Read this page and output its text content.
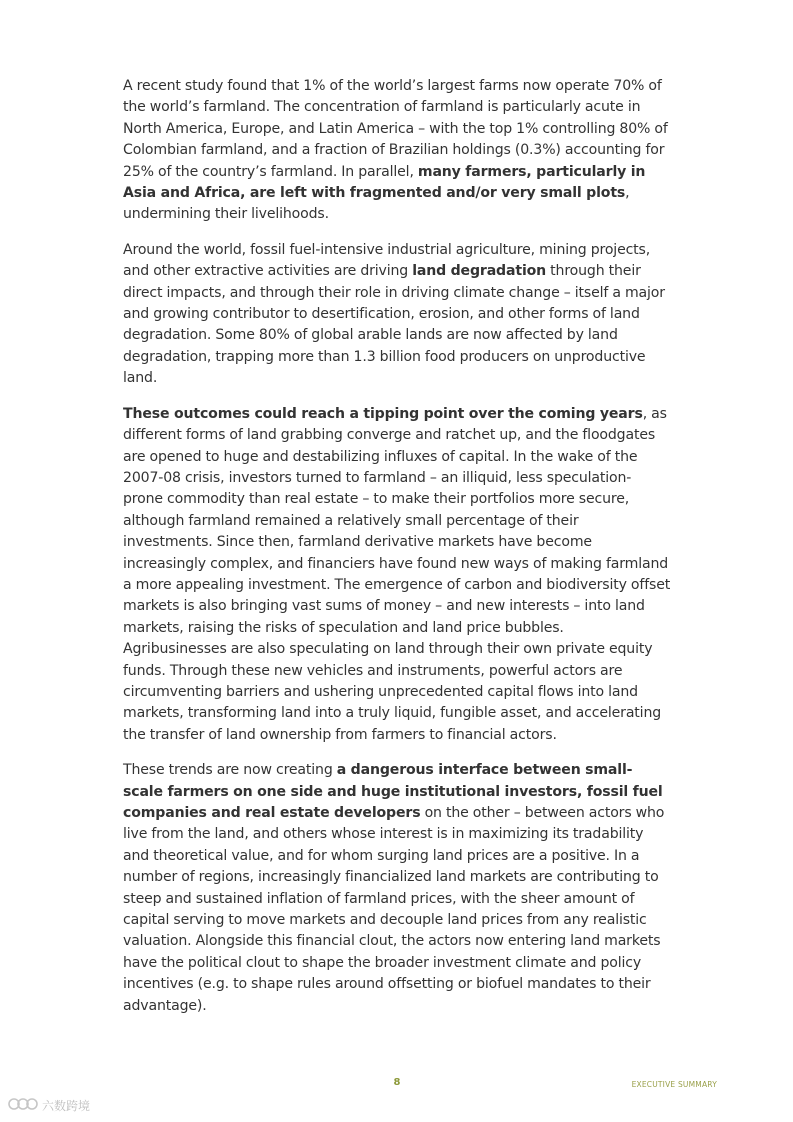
A recent study found that 1% of the world’s largest farms now operate 70% of the world’s farmland. The concentration of farmland is particularly acute in North America, Europe, and Latin America – with the top 1% controlling 80% of Colombian farmland, and a fraction of Brazilian holdings (0.3%) accounting for 25% of the country’s farmland. In parallel, many farmers, particularly in Asia and Africa, are left with fragmented and/or very small plots, undermining their livelihoods.

Around the world, fossil fuel-intensive industrial agriculture, mining projects, and other extractive activities are driving land degradation through their direct impacts, and through their role in driving climate change – itself a major and growing contributor to desertification, erosion, and other forms of land degradation. Some 80% of global arable lands are now affected by land degradation, trapping more than 1.3 billion food producers on unproductive land.

These outcomes could reach a tipping point over the coming years, as different forms of land grabbing converge and ratchet up, and the floodgates are opened to huge and destabilizing influxes of capital. In the wake of the 2007-08 crisis, investors turned to farmland – an illiquid, less speculation-prone commodity than real estate – to make their portfolios more secure, although farmland remained a relatively small percentage of their investments. Since then, farmland derivative markets have become increasingly complex, and financiers have found new ways of making farmland a more appealing investment. The emergence of carbon and biodiversity offset markets is also bringing vast sums of money – and new interests – into land markets, raising the risks of speculation and land price bubbles. Agribusinesses are also speculating on land through their own private equity funds. Through these new vehicles and instruments, powerful actors are circumventing barriers and ushering unprecedented capital flows into land markets, transforming land into a truly liquid, fungible asset, and accelerating the transfer of land ownership from farmers to financial actors.

These trends are now creating a dangerous interface between small-scale farmers on one side and huge institutional investors, fossil fuel companies and real estate developers on the other – between actors who live from the land, and others whose interest is in maximizing its tradability and theoretical value, and for whom surging land prices are a positive. In a number of regions, increasingly financialized land markets are contributing to steep and sustained inflation of farmland prices, with the sheer amount of capital serving to move markets and decouple land prices from any realistic valuation. Alongside this financial clout, the actors now entering land markets have the political clout to shape the broader investment climate and policy incentives (e.g. to shape rules around offsetting or biofuel mandates to their advantage).

8	EXECUTIVE SUMMARY
六数跨境
